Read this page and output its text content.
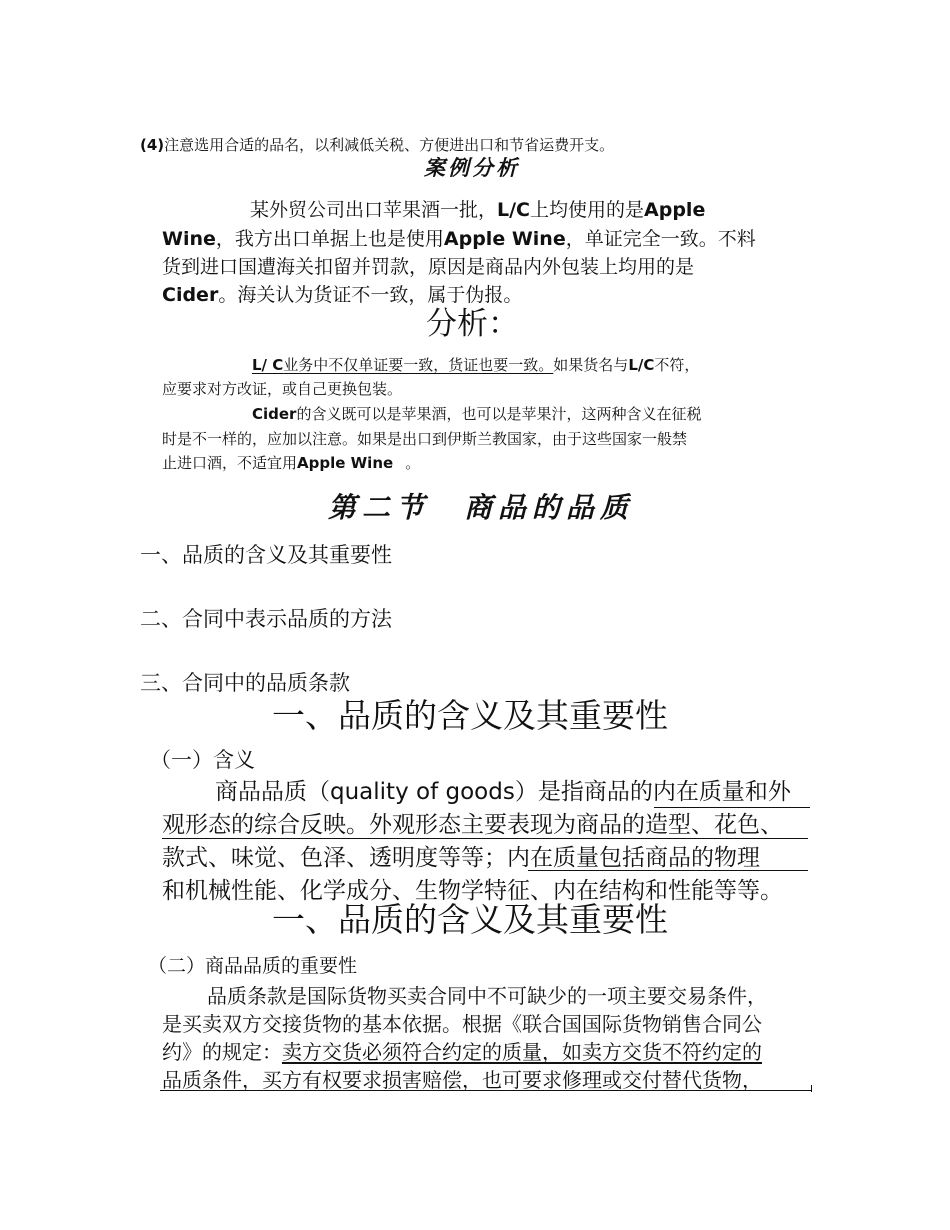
(4)注意选用合适的品名，以利减低关税、方便进出口和节省运费开支。
案例分析
某外贸公司出口苹果酒一批，L/C上均使用的是Apple
Wine，我方出口单据上也是使用Apple Wine，单证完全一致。不料
货到进口国遭海关扣留并罚款，原因是商品内外包装上均用的是
Cider。海关认为货证不一致，属于伪报。
分析：
L/ C业务中不仅单证要一致，货证也要一致。如果货名与L/C不符，
应要求对方改证，或自己更换包装。
Cider的含义既可以是苹果酒，也可以是苹果汁，这两种含义在征税
时是不一样的，应加以注意。如果是出口到伊斯兰教国家，由于这些国家一般禁
止进口酒，不适宜用Apple Wine 。
第二节　商品的品质
一、品质的含义及其重要性
二、合同中表示品质的方法
三、合同中的品质条款
一、品质的含义及其重要性
（一）含义
商品品质（quality of goods）是指商品的内在质量和外
观形态的综合反映。外观形态主要表现为商品的造型、花色、
款式、味觉、色泽、透明度等等；内在质量包括商品的物理
和机械性能、化学成分、生物学特征、内在结构和性能等等。
一、品质的含义及其重要性
（二）商品品质的重要性
品质条款是国际货物买卖合同中不可缺少的一项主要交易条件，
是买卖双方交接货物的基本依据。根据《联合国国际货物销售合同公
约》的规定：卖方交货必须符合约定的质量，如卖方交货不符约定的
品质条件，买方有权要求损害赔偿，也可要求修理或交付替代货物，
